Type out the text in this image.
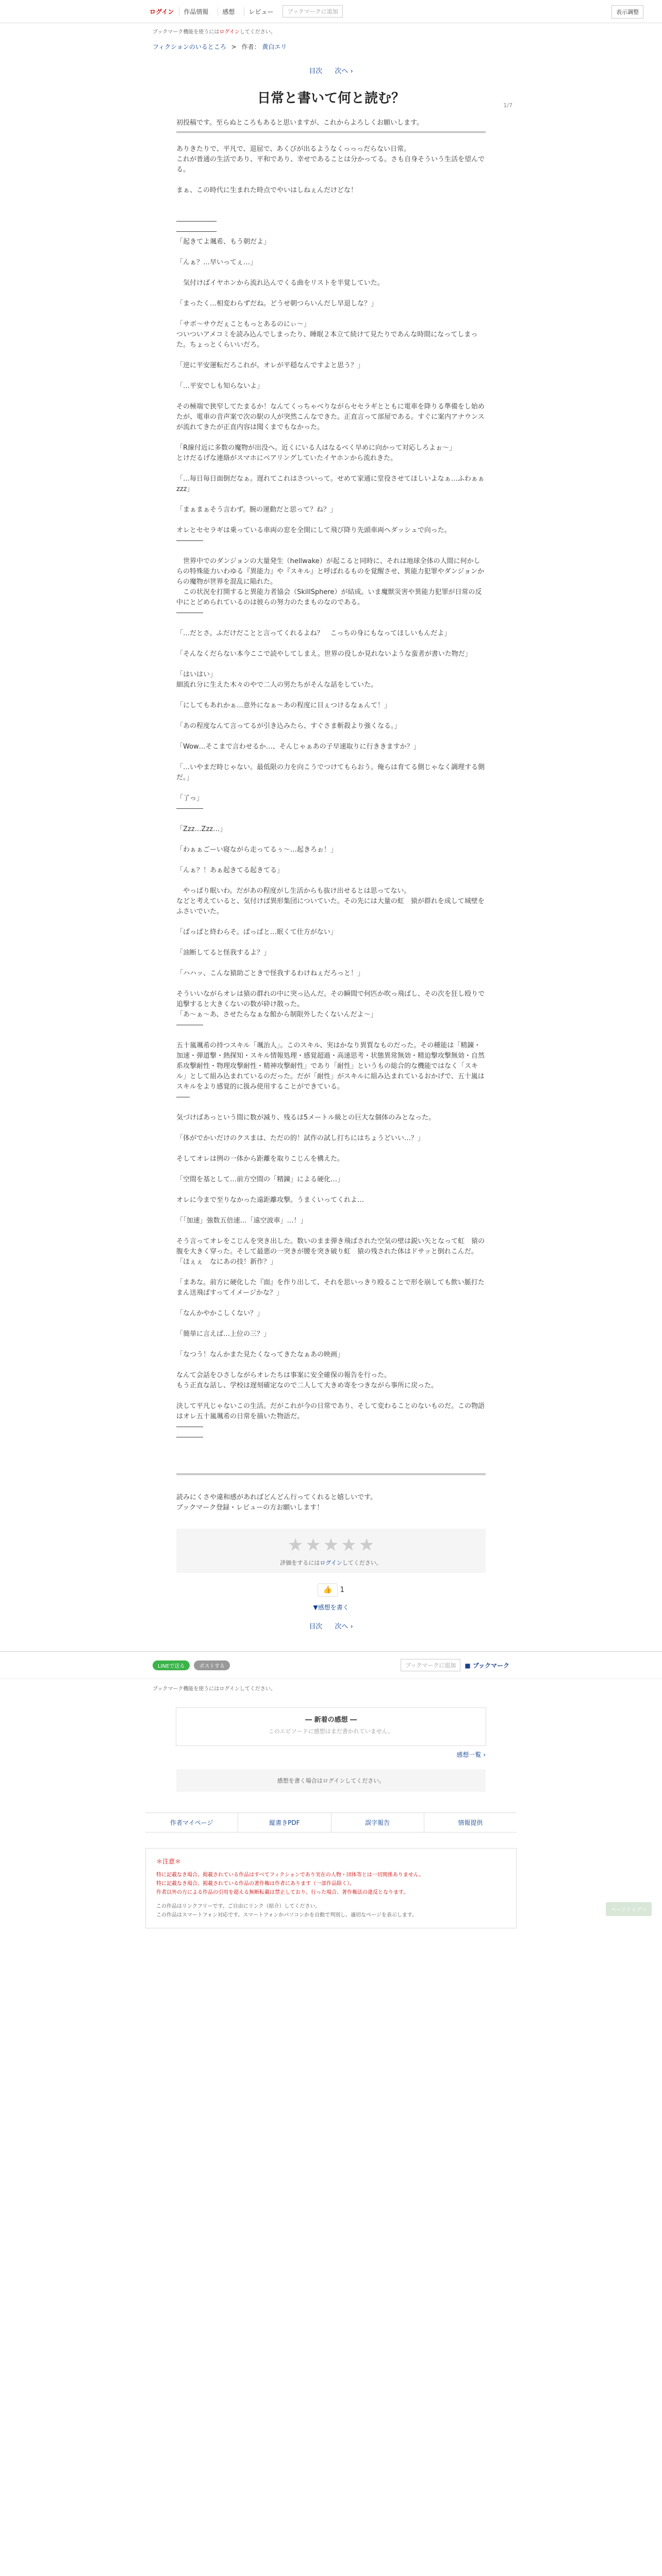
ログイン	作品情報	感想	レビュー	ブックマークに追加	表示調整
ブックマーク機能を使うにはログインしてください。
フィクションのいるところ > 作者： 黄白エリ
目次 次へ ›
1/7
日常と書いて何と読む？

初投稿です。至らぬところもあると思いますが、これからよろしくお願いします。

ありきたりで、平凡で、退屈で、あくびが出るようなくっっっだらない日常。

これが普通の生活であり、平和であり、幸せであることは分かってる。さも自身そういう生活を望んでる。

まぁ、この時代に生まれた時点でやいはしねぇんだけどな！

――――――

――――――

「起きてよ颯希、もう朝だよ」

「んぁ？…早いってぇ…」

　気付けばイヤホンから流れ込んでくる曲をリストを半覚していた。

「まったく…相変わらずだね。どうせ朝つらいんだし早退しな？」

「サボ～サウだぇこともっとあるのにぃ～」

ついついアメコミを読み込んでしまったり、睡眠２本立て続けて見たりであんな時間になってしまった。ちょっとくらいいだろ。

「逆に平安運転だろこれが。オレが平穏なんですよと思う？」

「…平安でしも知らないよ」

その極端で狭窄してたまるか！なんてくっちゃべりながらセセラギとともに電車を降りる準備をし始めたが、電車の音声案で次の駅の人が突然こんなできた。正直言って部屋である。すぐに案内アナウンスが流れてきたが正直内容は聞くまでもなかった。

「R線付近に多数の魔物が出没へ。近くにいる人はなるべく早めに向かって対応しろよぉ～」

とけだるげな連絡がスマホにベアリングしていたイヤホンから流れきた。

「…毎日毎日面倒だなぁ。遅れてこれはさついって。せめて家通に堂役させてほしいよなぁ…ふわぁぁzzz」

「まぁまぁそう言わず。腕の運動だと思って？ね？」

オレとセセラギは乗っている車両の窓を全開にして飛び降り先頭車両へダッシュで向った。

――――

　世界中でのダンジョンの大量発生（hellwake）が起こると同時に、それは地球全体の人間に何かしらの特殊能力いわゆる『異能力』や『スキル』と呼ばれるものを覚醒させ、異能力犯罪やダンジョンからの魔物が世界を混乱に陥れた。

　この状況を打開すると異能力者協会（SkillSphere）が結成。いま魔獣災害や異能力犯罪が日常の反中にとどめられているのは彼らの努力のたまものなのである。

――――

「…だとさ。ふだけだことと言ってくれるよね？　こっちの身にもなってほしいもんだよ」

「そんなくだらない本今ここで読やしてしまえ。世界の役しか見れないような蛮者が書いた物だ」

「はいはい」

細流れ分に生えた木々のやで二人の男たちがそんな話をしていた。

「にしてもあれかぁ…意外になぁ～あの程度に目ぇつけるなぁんて！」

「あの程度なんて言ってるが引き込みたら、すぐさま斬殺より強くなる。」

「Wow…そこまで言わせるか…、そんじゃぁあの子早速取りに行ききますか？」

「…いやまだ時じゃない。最低限の力を向こうでつけてもらおう。俺らは育てる側じゃなく調理する側だ。」

「了っ」

――――

「Zzz…Zzz…」

「わぁぁごーい寝ながら走ってるぅ～…起きろぉ！」

「んぁ？！あぁ起きてる起きてる」

　やっぱり眠いわ。だがあの程度がし生活からも抜け出せるとは思ってない。

などと考えていると、気付けば異形集団についていた。その先には大量の虹　猿が群れを成して城壁をふさいでいた。

「ぱっぱと終わらそ。ぱっぱと…眠くて仕方がない」

「油断してると怪我するよ？」

「ハハッ、こんな猿助ごときで怪我するわけねぇだろっと！」

そういいながらオレは猿の群れの中に突っ込んだ。その瞬間で何匹か吹っ飛ばし、その次を狂し殴りで追撃すると大きくないの数が砕け散った。

「あ～ぁ～あ、させたらなぁな館から制限外したくないんだよ～」

――――

五十嵐颯希の持つスキル「颯治人」。このスキル、実はかなり異質なものだった。その種能は「精錬・加速・弾道撃・熱探知・スキル情報処理・感覚超過・高速思考・状態異常無効・精迫撃攻撃無効・自然系攻撃耐性・物理攻撃耐性・精神攻撃耐性」であり「耐性」というもの総合的な機能ではなく「スキル」として組み込まれているのだった。だが「耐性」がスキルに組み込まれているおかげで、五十嵐はスキルをより感覚的に扱み使用することができている。

――

気づけばあっという間に数が減り、残るは5メートル級との巨大な個体のみとなった。

「体がでかいだけのクスまは、ただの的！試作の試し打ちにはちょうどいい…？」

そしてオレは例の一体から距離を取りこじんを構えた。

「空間を基として…前方空間の「精錬」による硬化…」

オレに今まで至りなかった遠距離攻撃。うまくいってくれよ…

「「加速」強数五倍速…「遠空波車」…！」

そう言ってオレをこじんを突き出した。数いのまま弾き飛ばされた空気の壁は鋭い矢となって虹　猿の腹を大きく穿った。そして最悪の一突きが腰を突き破り虹　猿の残された体はドサッと倒れこんだ。

「ほぇぇ　なにあの技！新作？」

「まあな。前方に硬化した『面』を作り出して、それを思いっきり殴ることで形を崩しても飲い脈打たまん送飛ばすってイメージかな？」

「なんかやかこしくない？」

「簡単に言えば…上位の三？」

「なつう！なんかまた見たくなってきたなぁあの映画」

なんて会話をひさしながらオレたちは事案に安全確保の報告を行った。

もう正直な話し、学校は遅刻確定なので二人して大きめ寄をつきながら事所に戻った。

決して平凡じゃないこの生活。だがこれが今の日常であり、そして変わることのないものだ。この物語はオレ五十嵐颯希の日常を描いた物語だ。

――――

――――

読みにくさや違和感があればどんどん行ってくれると嬉しいです。

ブックマーク登録・レビューの方お願いします！

★ ★ ★ ★ ★
評価をするにはログインしてください。
👍 1
▼感想を書く
目次 次へ ›
LINEで送る	ポストする	ブックマークに追加	■ ブックマーク
ブックマーク機能を使うにはログインしてください。
― 新着の感想 ―
このエピソードに感想はまだ書かれていません。
感想一覧 ›
感想を書く場合はログインしてください。
作者マイページ	縦書きPDF	誤字報告	情報提供
＊注意＊
特に記載なき場合、掲載されている作品はすべてフィクションであり実在の人物・団体等とは一切関係ありません。
特に記載なき場合、掲載されている作品の著作権は作者にあります（一部作品除く）。
作者以外の方による作品の引用を超える無断転載は禁止しており、行った場合、著作権法の違反となります。
この作品はリンクフリーです。ご自由にリンク（紹介）してください。
この作品はスマートフォン対応です。スマートフォンかパソコンかを自動で判別し、適切なページを表示します。
ページトップへ
